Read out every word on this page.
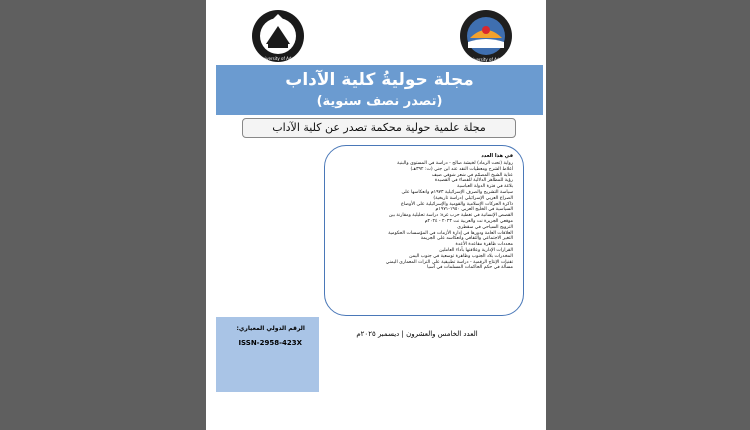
University of Aden	University of Aden
مجلة حوليةُ كلية الآداب
(تصدر نصف سنوية)
مجلة علمية حولية محكمة تصدر عن كلية الآداب
في هذا العدد
رواية (تحت الرماد) لخيشة صالح - دراسة في المستوى والبنية
أغلاط الشرح ومعطيات النقد عند ابن جني (ت: ٣٩٢هـ)
عناية الشيخ المصمّم في شعر شوقي ضيف
رؤية للمظاهر الدلالية للفضاء في القصيدة
بلاغة في فترة الدولة العباسية
سياسة التشريح والصرف الإسرائيلية ١٩٧٣م وانعكاسها على
الصراع العربي الإسرائيلي (دراسة تاريخية)
ذاكرة الحركات الإسلامية والقومية والإسرائيلية على الأوضاع
السياسية في الخليج العربي ١٩٥٠-١٩٧١م
القصص الإنسانية في تغطية حرب غزة: دراسة تحليلية ومقارنة بين
موقعي الجزيرة نت والعربية نت ٢٠٢٣ - ٢٠٢٤م
الترويج السياحي في سقطري
العلاقات العامة ودورها في إدارة الأزمات في المؤسسات الحكومية
التغير الاجتماعي والثقافي وانعكاسه على الجريمة
محددات ظاهرة مقاعدة الأعدة
القرارات الإدارية وعلاقتها بأداء العاملين
المخدرات بلاد الجنوب وظاهرة توسعية في جنوب اليمن
تقنيات الإنتاج الرقمية - دراسة تطبيقية على التراث المعماري اليمني
مسألة في حكم الحاكمات المسلمات في آسيا
الرقم الدولي المعياري:
ISSN-2958-423X
العدد الخامس والعشرون | ديسمبر ٢٠٢٥م
